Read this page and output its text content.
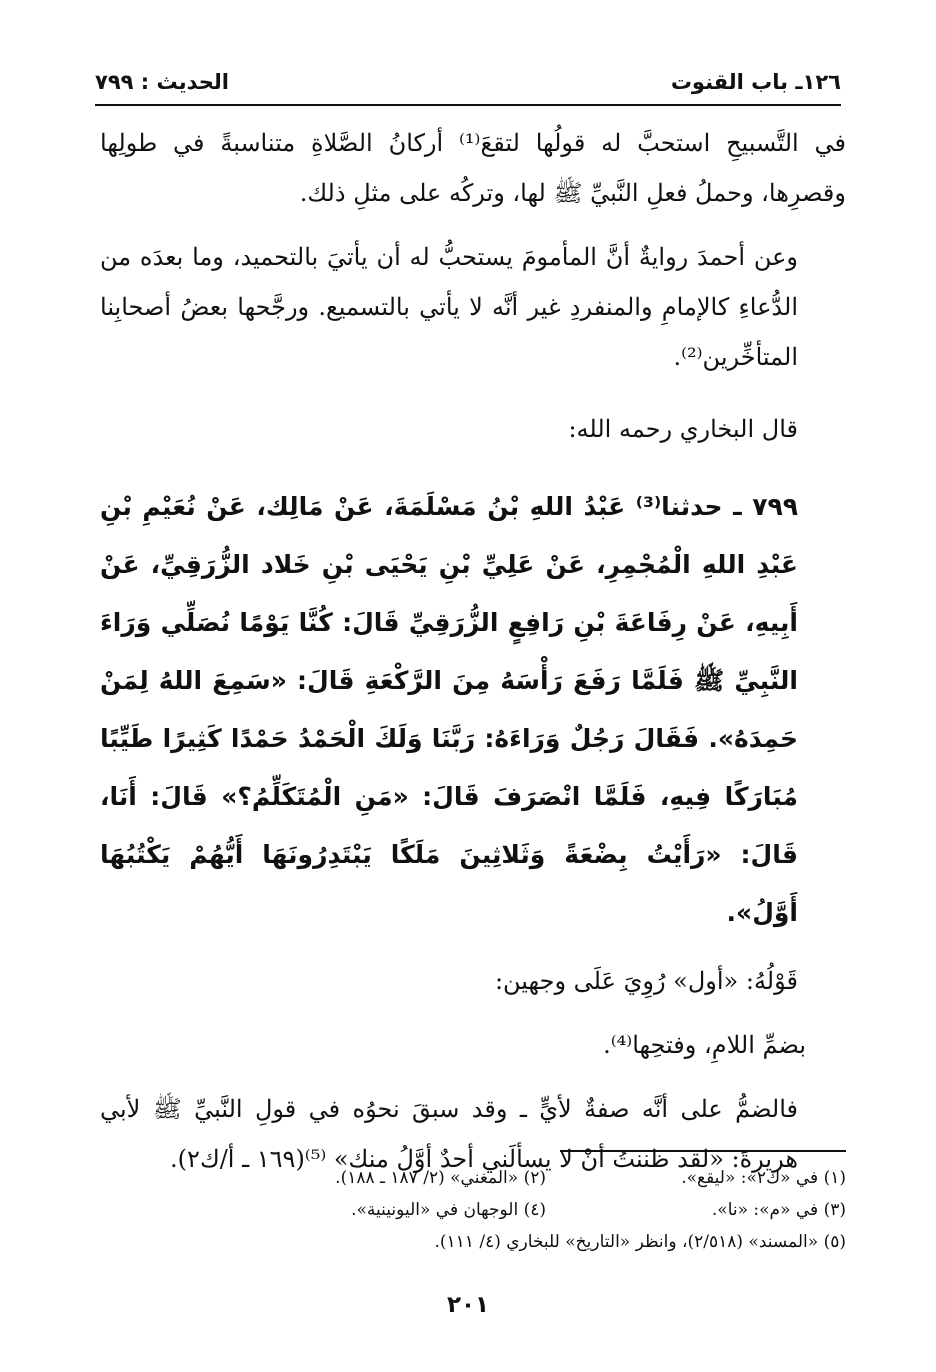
١٢٦ـ باب القنوت
الحديث : ٧٩٩

في التَّسبيحِ استحبَّ له قولُها لتقعَ⁽¹⁾ أركانُ الصَّلاةِ متناسبةً في طولِها وقصرِها، وحملُ فعلِ النَّبيِّ ﷺ لها، وتركُه على مثلِ ذلك.

وعن أحمدَ روايةٌ أنَّ المأمومَ يستحبُّ له أن يأتيَ بالتحميد، وما بعدَه من الدُّعاءِ كالإمامِ والمنفردِ غير أنَّه لا يأتي بالتسميع. ورجَّحها بعضُ أصحابِنا المتأخِّرين⁽²⁾.

قال البخاري رحمه الله:

٧٩٩ ـ حدثنا⁽³⁾ عَبْدُ اللهِ بْنُ مَسْلَمَةَ، عَنْ مَالِك، عَنْ نُعَيْمِ بْنِ عَبْدِ اللهِ الْمُجْمِرِ، عَنْ عَلِيِّ بْنِ يَحْيَى بْنِ خَلاد الزُّرَقِيِّ، عَنْ أَبِيهِ، عَنْ رِفَاعَةَ بْنِ رَافِعٍ الزُّرَقِيِّ قَالَ: كُنَّا يَوْمًا نُصَلِّي وَرَاءَ النَّبِيِّ ﷺ فَلَمَّا رَفَعَ رَأْسَهُ مِنَ الرَّكْعَةِ قَالَ: «سَمِعَ اللهُ لِمَنْ حَمِدَهُ». فَقَالَ رَجُلٌ وَرَاءَهُ: رَبَّنَا وَلَكَ الْحَمْدُ حَمْدًا كَثِيرًا طَيِّبًا مُبَارَكًا فِيهِ، فَلَمَّا انْصَرَفَ قَالَ: «مَنِ الْمُتَكَلِّمُ؟» قَالَ: أَنَا، قَالَ: «رَأَيْتُ بِضْعَةً وَثَلاثِينَ مَلَكًا يَبْتَدِرُونَهَا أَيُّهُمْ يَكْتُبُهَا أَوَّلُ».

قَوْلُهُ: «أول» رُوِيَ عَلَى وجهين:

بضمِّ اللامِ، وفتحِها⁽⁴⁾.

فالضمُّ على أنَّه صفةٌ لأيٍّ ـ وقد سبقَ نحوُه في قولِ النَّبيِّ ﷺ لأبي هريرةَ: «لقد ظننتُ أنْ لا يسألَني أحدٌ أوَّلُ منك» ⁽⁵⁾(١٦٩ ـ أ/ك٢).

(١) في «ك٢»: «ليقع».
(٢) «المغني» (٢/ ١٨٧ ـ ١٨٨).
(٣) في «م»: «نا».
(٤) الوجهان في «اليونينية».
(٥) «المسند» (٢/٥١٨)، وانظر «التاريخ» للبخاري (٤/ ١١١).
٢٠١
